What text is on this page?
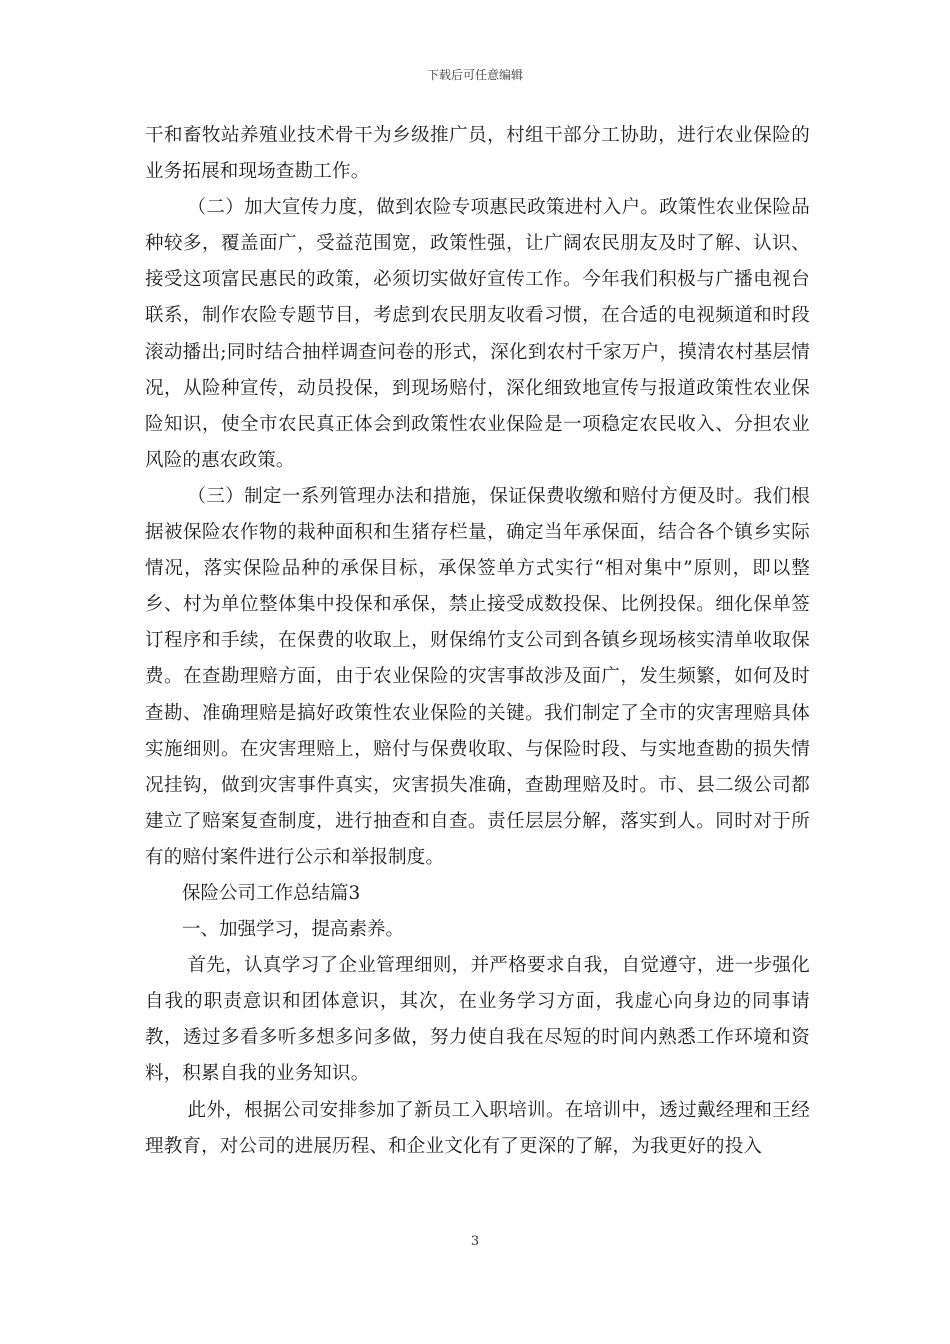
下载后可任意编辑

干和畜牧站养殖业技术骨干为乡级推广员，村组干部分工协助，进行农业保险的业务拓展和现场查勘工作。

（二）加大宣传力度，做到农险专项惠民政策进村入户。政策性农业保险品种较多，覆盖面广，受益范围宽，政策性强，让广阔农民朋友及时了解、认识、接受这项富民惠民的政策，必须切实做好宣传工作。今年我们积极与广播电视台联系，制作农险专题节目，考虑到农民朋友收看习惯，在合适的电视频道和时段滚动播出;同时结合抽样调查问卷的形式，深化到农村千家万户，摸清农村基层情况，从险种宣传，动员投保，到现场赔付，深化细致地宣传与报道政策性农业保险知识，使全市农民真正体会到政策性农业保险是一项稳定农民收入、分担农业风险的惠农政策。

（三）制定一系列管理办法和措施，保证保费收缴和赔付方便及时。我们根据被保险农作物的栽种面积和生猪存栏量，确定当年承保面，结合各个镇乡实际情况，落实保险品种的承保目标，承保签单方式实行“相对集中”原则，即以整乡、村为单位整体集中投保和承保，禁止接受成数投保、比例投保。细化保单签订程序和手续，在保费的收取上，财保绵竹支公司到各镇乡现场核实清单收取保费。在查勘理赔方面，由于农业保险的灾害事故涉及面广，发生频繁，如何及时查勘、准确理赔是搞好政策性农业保险的关键。我们制定了全市的灾害理赔具体实施细则。在灾害理赔上，赔付与保费收取、与保险时段、与实地查勘的损失情况挂钩，做到灾害事件真实，灾害损失准确，查勘理赔及时。市、县二级公司都建立了赔案复查制度，进行抽查和自查。责任层层分解，落实到人。同时对于所有的赔付案件进行公示和举报制度。

保险公司工作总结篇3

一、加强学习，提高素养。

首先，认真学习了企业管理细则，并严格要求自我，自觉遵守，进一步强化自我的职责意识和团体意识，其次，在业务学习方面，我虚心向身边的同事请教，透过多看多听多想多问多做，努力使自我在尽短的时间内熟悉工作环境和资料，积累自我的业务知识。

此外，根据公司安排参加了新员工入职培训。在培训中，透过戴经理和王经理教育，对公司的进展历程、和企业文化有了更深的了解，为我更好的投入

3
